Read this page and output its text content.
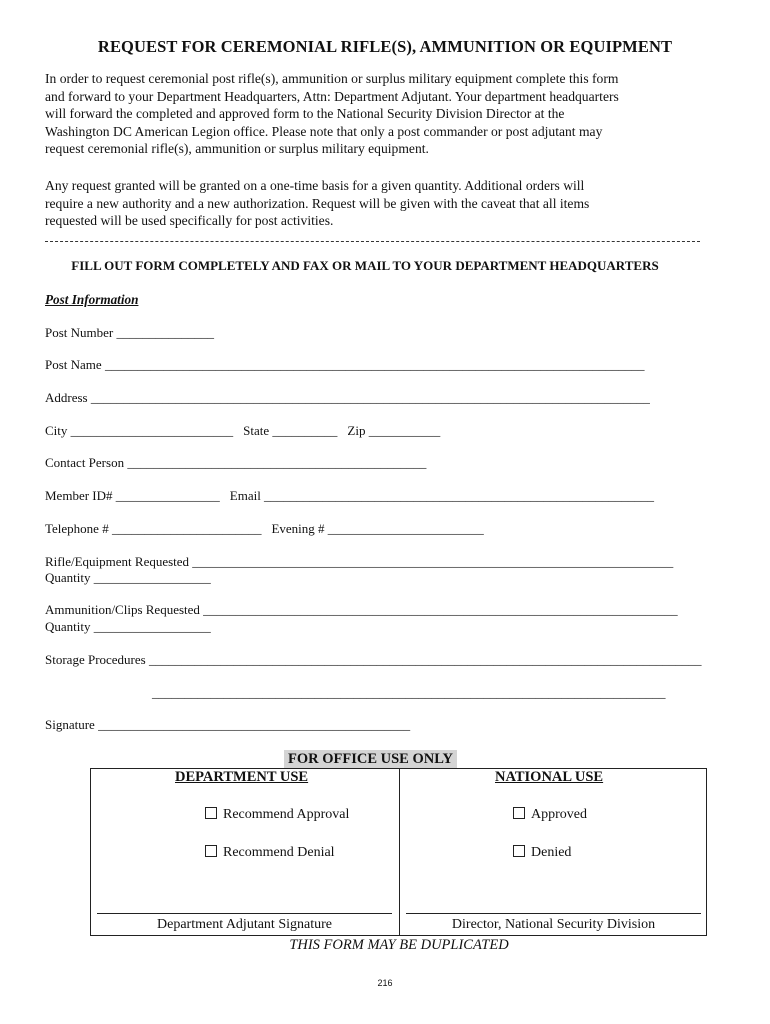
REQUEST FOR CEREMONIAL RIFLE(S), AMMUNITION OR EQUIPMENT
In order to request ceremonial post rifle(s), ammunition or surplus military equipment complete this form
and forward to your Department Headquarters, Attn: Department Adjutant. Your department headquarters
will forward the completed and approved form to the National Security Division Director at the
Washington DC American Legion office. Please note that only a post commander or post adjutant may
request ceremonial rifle(s), ammunition or surplus military equipment.
Any request granted will be granted on a one-time basis for a given quantity. Additional orders will
require a new authority and a new authorization. Request will be given with the caveat that all items
requested will be used specifically for post activities.
FILL OUT FORM COMPLETELY AND FAX OR MAIL TO YOUR DEPARTMENT HEADQUARTERS
Post Information
Post Number _______________
Post Name ___________________________________________________________________________________
Address ______________________________________________________________________________________
City _________________________ State __________ Zip ___________
Contact Person ______________________________________________
Member ID# ________________ Email ____________________________________________________________
Telephone # _______________________ Evening # ________________________
Rifle/Equipment Requested __________________________________________________________________________
Quantity __________________
Ammunition/Clips Requested _________________________________________________________________________
Quantity __________________
Storage Procedures _____________________________________________________________________________________
_______________________________________________________________________________
Signature ________________________________________________
FOR OFFICE USE ONLY
DEPARTMENT USE	NATIONAL USE
Recommend Approval
Recommend Denial
Approved
Denied
Department Adjutant Signature	Director, National Security Division
THIS FORM MAY BE DUPLICATED
216
